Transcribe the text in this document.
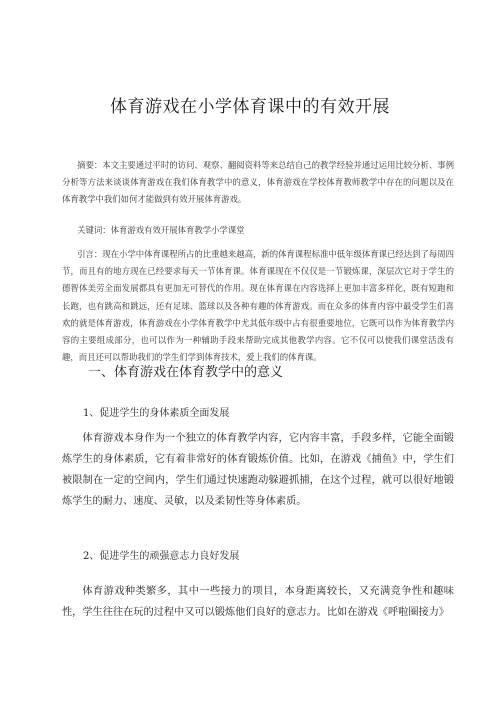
体育游戏在小学体育课中的有效开展
摘要：本文主要通过平时的访问、观察、翻阅资料等来总结自己的教学经验并通过运用比较分析、事例分析等方法来谈谈体育游戏在我们体育教学中的意义，体育游戏在学校体育教师教学中存在的问题以及在体育教学中我们如何才能做到有效开展体育游戏。
关键词：体育游戏有效开展体育教学小学课堂
引言：现在小学中体育课程所占的比重越来越高，新的体育课程标准中低年级体育课已经达到了每周四节，而且有的地方现在已经要求每天一节体育课。体育课现在不仅仅是一节锻炼课，深层次它对于学生的德智体美劳全面发展都具有更加无可替代的作用。现在体育课在内容选择上更加丰富多样化，既有短跑和长跑，也有跳高和跳远，还有足球、篮球以及各种有趣的体育游戏。而在众多的体育内容中最受学生们喜欢的就是体育游戏，体育游戏在小学体育教学中尤其低年级中占有很重要地位，它既可以作为体育教学内容的主要组成部分，也可以作为一种辅助手段来帮助完成其他教学内容。它不仅可以使我们课堂活泼有趣，而且还可以帮助我们的学生们学到体育技术，爱上我们的体育课。
一、体育游戏在体育教学中的意义
1、促进学生的身体素质全面发展
体育游戏本身作为一个独立的体育教学内容，它内容丰富，手段多样，它能全面锻炼学生的身体素质，它有着非常好的体育锻炼价值。比如，在游戏《捕鱼》中，学生们被限制在一定的空间内，学生们通过快速跑动躲避抓捕，在这个过程，就可以很好地锻炼学生的耐力、速度、灵敏，以及柔韧性等身体素质。
2、促进学生的顽强意志力良好发展
体育游戏种类繁多，其中一些接力的项目，本身距离较长，又充满竞争性和趣味性，学生往往在玩的过程中又可以锻炼他们良好的意志力。比如在游戏《呼啦圈接力》
